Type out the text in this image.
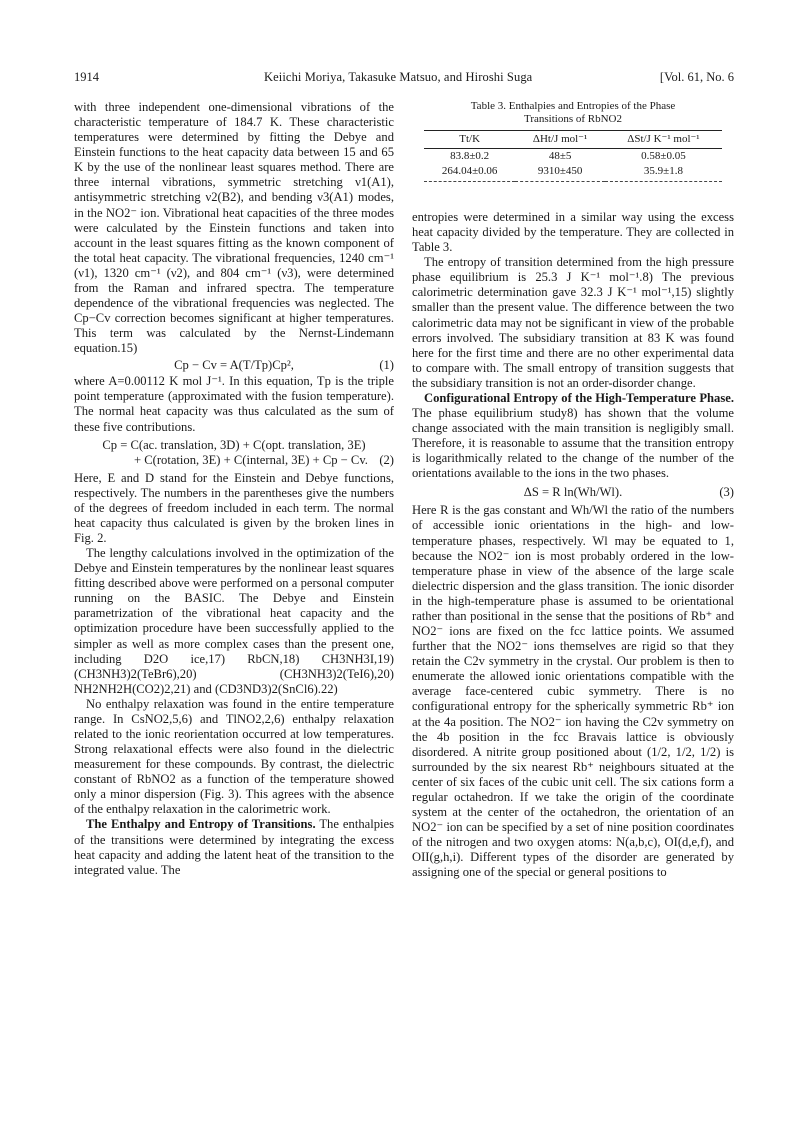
1914	Keiichi Moriya, Takasuke Matsuo, and Hiroshi Suga	[Vol. 61, No. 6

with three independent one-dimensional vibrations of the characteristic temperature of 184.7 K. These characteristic temperatures were determined by fitting the Debye and Einstein functions to the heat capacity data between 15 and 65 K by the use of the nonlinear least squares method. There are three internal vibrations, symmetric stretching ν1(A1), antisymmetric stretching ν2(B2), and bending ν3(A1) modes, in the NO2⁻ ion. Vibrational heat capacities of the three modes were calculated by the Einstein functions and taken into account in the least squares fitting as the known component of the total heat capacity. The vibrational frequencies, 1240 cm⁻¹ (ν1), 1320 cm⁻¹ (ν2), and 804 cm⁻¹ (ν3), were determined from the Raman and infrared spectra. The temperature dependence of the vibrational frequencies was neglected. The Cp−Cv correction becomes significant at higher temperatures. This term was calculated by the Nernst-Lindemann equation.15)

Cp − Cv = A(T/Tp)Cp²,	(1)

where A=0.00112 K mol J⁻¹. In this equation, Tp is the triple point temperature (approximated with the fusion temperature). The normal heat capacity was thus calculated as the sum of these five contributions.

Cp = C(ac. translation, 3D) + C(opt. translation, 3E)
+ C(rotation, 3E) + C(internal, 3E) + Cp − Cv. (2)

Here, E and D stand for the Einstein and Debye functions, respectively. The numbers in the parentheses give the numbers of the degrees of freedom included in each term. The normal heat capacity thus calculated is given by the broken lines in Fig. 2.

The lengthy calculations involved in the optimization of the Debye and Einstein temperatures by the nonlinear least squares fitting described above were performed on a personal computer running on the BASIC. The Debye and Einstein parametrization of the vibrational heat capacity and the optimization procedure have been successfully applied to the simpler as well as more complex cases than the present one, including D2O ice,17) RbCN,18) CH3NH3I,19) (CH3NH3)2(TeBr6),20) (CH3NH3)2(TeI6),20) NH2NH2H(CO2)2,21) and (CD3ND3)2(SnCl6).22)

No enthalpy relaxation was found in the entire temperature range. In CsNO2,5,6) and TlNO2,2,6) enthalpy relaxation related to the ionic reorientation occurred at low temperatures. Strong relaxational effects were also found in the dielectric measurement for these compounds. By contrast, the dielectric constant of RbNO2 as a function of the temperature showed only a minor dispersion (Fig. 3). This agrees with the absence of the enthalpy relaxation in the calorimetric work.

The Enthalpy and Entropy of Transitions. The enthalpies of the transitions were determined by integrating the excess heat capacity and adding the latent heat of the transition to the integrated value. The

Table 3. Enthalpies and Entropies of the Phase
Transitions of RbNO2
Tt/K	ΔHt/J mol⁻¹	ΔSt/J K⁻¹ mol⁻¹
83.8±0.2	48±5	0.58±0.05
264.04±0.06	9310±450	35.9±1.8

entropies were determined in a similar way using the excess heat capacity divided by the temperature. They are collected in Table 3.

The entropy of transition determined from the high pressure phase equilibrium is 25.3 J K⁻¹ mol⁻¹.8) The previous calorimetric determination gave 32.3 J K⁻¹ mol⁻¹,15) slightly smaller than the present value. The difference between the two calorimetric data may not be significant in view of the probable errors involved. The subsidiary transition at 83 K was found here for the first time and there are no other experimental data to compare with. The small entropy of transition suggests that the subsidiary transition is not an order-disorder change.

Configurational Entropy of the High-Temperature Phase. The phase equilibrium study8) has shown that the volume change associated with the main transition is negligibly small. Therefore, it is reasonable to assume that the transition entropy is logarithmically related to the change of the number of the orientations available to the ions in the two phases.

ΔS = R ln(Wh/Wl).	(3)

Here R is the gas constant and Wh/Wl the ratio of the numbers of accessible ionic orientations in the high- and low-temperature phases, respectively. Wl may be equated to 1, because the NO2⁻ ion is most probably ordered in the low-temperature phase in view of the absence of the large scale dielectric dispersion and the glass transition. The ionic disorder in the high-temperature phase is assumed to be orientational rather than positional in the sense that the positions of Rb⁺ and NO2⁻ ions are fixed on the fcc lattice points. We assumed further that the NO2⁻ ions themselves are rigid so that they retain the C2v symmetry in the crystal. Our problem is then to enumerate the allowed ionic orientations compatible with the average face-centered cubic symmetry. There is no configurational entropy for the spherically symmetric Rb⁺ ion at the 4a position. The NO2⁻ ion having the C2v symmetry on the 4b position in the fcc Bravais lattice is obviously disordered. A nitrite group positioned about (1/2, 1/2, 1/2) is surrounded by the six nearest Rb⁺ neighbours situated at the center of six faces of the cubic unit cell. The six cations form a regular octahedron. If we take the origin of the coordinate system at the center of the octahedron, the orientation of an NO2⁻ ion can be specified by a set of nine position coordinates of the nitrogen and two oxygen atoms: N(a,b,c), OI(d,e,f), and OII(g,h,i). Different types of the disorder are generated by assigning one of the special or general positions to
